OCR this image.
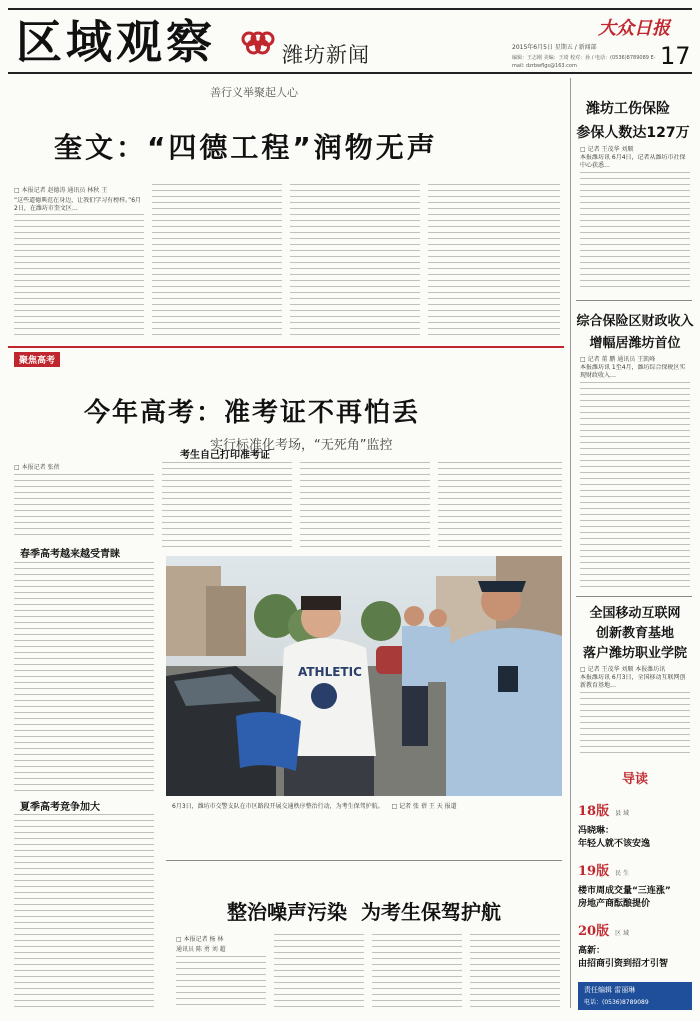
区域观察	潍坊新闻
大众日报
17
2015年6月5日 星期五 / 新闻部
编辑：王志刚 美编：王琦 校对：孙 / 电话：(0536)8789089 E-mail: dzrbwflgs@163.com
善行义举聚起人心
奎文：“四德工程”润物无声
□ 本报记者 赵德涛 通讯员 林秋 王
“这些道德典范在身边，让我们学习有榜样。”6月2日，在潍坊市奎文区…
潍坊工伤保险
参保人数达127万
□ 记者 王茂华 刘顺
本报潍坊讯 6月4日，记者从潍坊市社保中心获悉…
综合保险区财政收入
增幅居潍坊首位
□ 记者 董 鹏 通讯员 王凯峰
本报潍坊讯 1至4月，潍坊综合保税区实现财政收入…
全国移动互联网
创新教育基地
落户潍坊职业学院
□ 记者 王茂华 刘顺 本报潍坊讯
本报潍坊讯 6月3日，全国移动互联网创新教育基地…
导读
18版 县 域
冯晓琳：
年轻人就不该安逸
19版 民 生
楼市周成交量“三连涨”
房地产商酝酿提价
20版 区 域
高新：
由招商引资到招才引智
责任编辑 雷丽琳
电话：(0536)8789089
聚焦高考
今年高考：准考证不再怕丢
实行标准化考场，“无死角”监控
□ 本报记者 张蓓
春季高考越来越受青睐
考生自己打印准考证
ATHLETIC
6月3日，潍坊市交警支队在市区路段开展交通秩序整治行动，为考生保驾护航。 □ 记者 张 蓓 王 天 报道
夏季高考竞争加大
整治噪声污染  为考生保驾护航
□ 本报记者 杨 林
通讯员 陈 勇 刘 超
